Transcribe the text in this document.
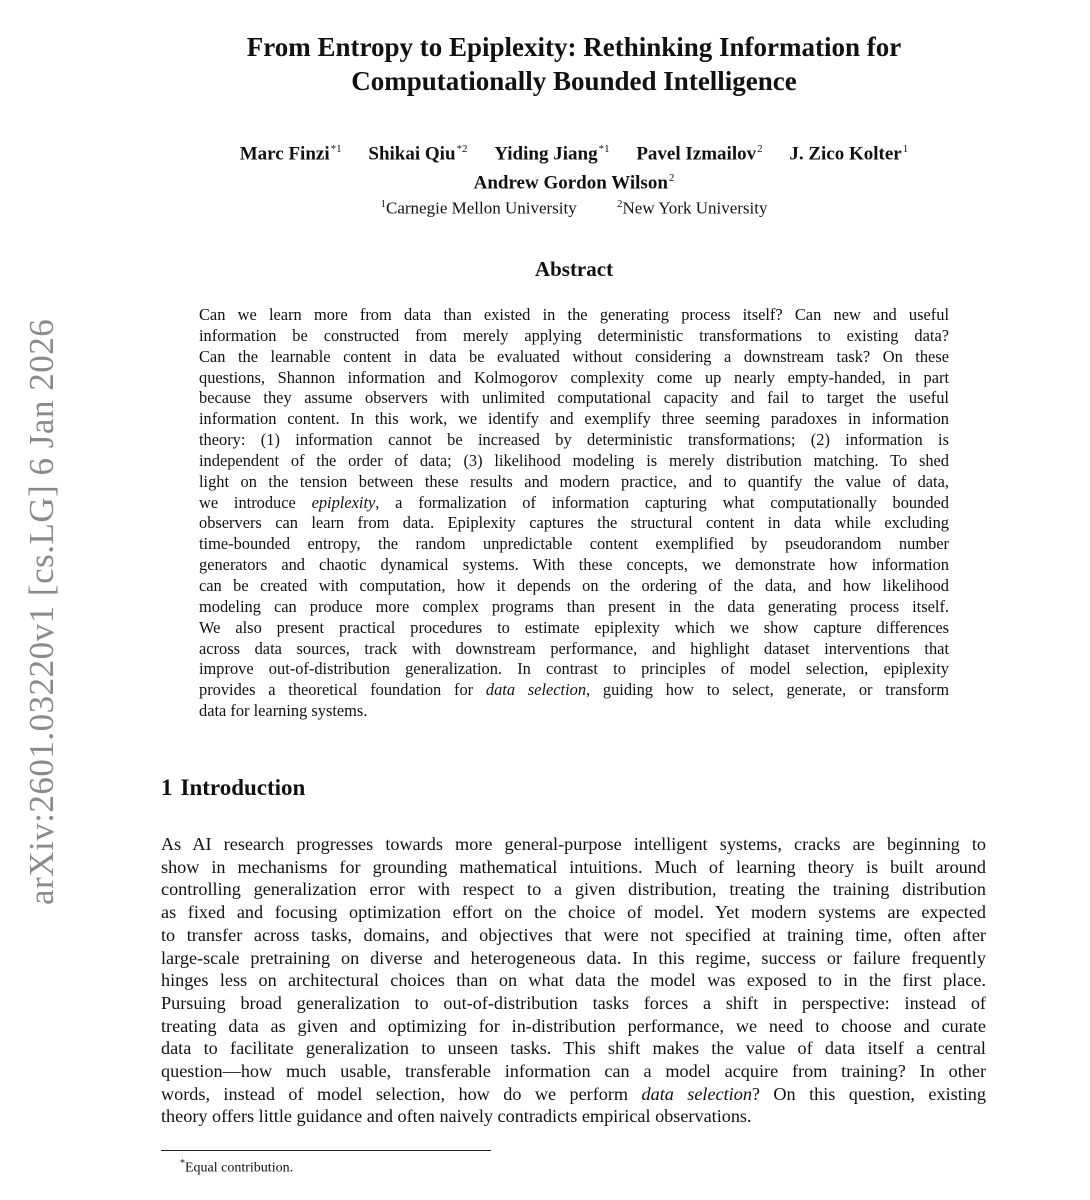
arXiv:2601.03220v1 [cs.LG] 6 Jan 2026
From Entropy to Epiplexity: Rethinking Information for
Computationally Bounded Intelligence
Marc Finzi$^{*1}$ Shikai Qiu$^{*2}$ Yiding Jiang$^{*1}$ Pavel Izmailov$^2$ J. Zico Kolter$^1$
Andrew Gordon Wilson$^2$
$^1$Carnegie Mellon University	$^2$New York University
Abstract
Can we learn more from data than existed in the generating process itself? Can new and useful
information be constructed from merely applying deterministic transformations to existing data?
Can the learnable content in data be evaluated without considering a downstream task? On these
questions, Shannon information and Kolmogorov complexity come up nearly empty-handed, in part
because they assume observers with unlimited computational capacity and fail to target the useful
information content. In this work, we identify and exemplify three seeming paradoxes in information
theory: (1) information cannot be increased by deterministic transformations; (2) information is
independent of the order of data; (3) likelihood modeling is merely distribution matching. To shed
light on the tension between these results and modern practice, and to quantify the value of data,
we introduce epiplexity, a formalization of information capturing what computationally bounded
observers can learn from data. Epiplexity captures the structural content in data while excluding
time-bounded entropy, the random unpredictable content exemplified by pseudorandom number
generators and chaotic dynamical systems. With these concepts, we demonstrate how information
can be created with computation, how it depends on the ordering of the data, and how likelihood
modeling can produce more complex programs than present in the data generating process itself.
We also present practical procedures to estimate epiplexity which we show capture differences
across data sources, track with downstream performance, and highlight dataset interventions that
improve out-of-distribution generalization. In contrast to principles of model selection, epiplexity
provides a theoretical foundation for data selection, guiding how to select, generate, or transform
data for learning systems.
1 Introduction
As AI research progresses towards more general-purpose intelligent systems, cracks are beginning to
show in mechanisms for grounding mathematical intuitions. Much of learning theory is built around
controlling generalization error with respect to a given distribution, treating the training distribution
as fixed and focusing optimization effort on the choice of model. Yet modern systems are expected
to transfer across tasks, domains, and objectives that were not specified at training time, often after
large-scale pretraining on diverse and heterogeneous data. In this regime, success or failure frequently
hinges less on architectural choices than on what data the model was exposed to in the first place.
Pursuing broad generalization to out-of-distribution tasks forces a shift in perspective: instead of
treating data as given and optimizing for in-distribution performance, we need to choose and curate
data to facilitate generalization to unseen tasks. This shift makes the value of data itself a central
question—how much usable, transferable information can a model acquire from training? In other
words, instead of model selection, how do we perform data selection? On this question, existing
theory offers little guidance and often naively contradicts empirical observations.
*Equal contribution.
